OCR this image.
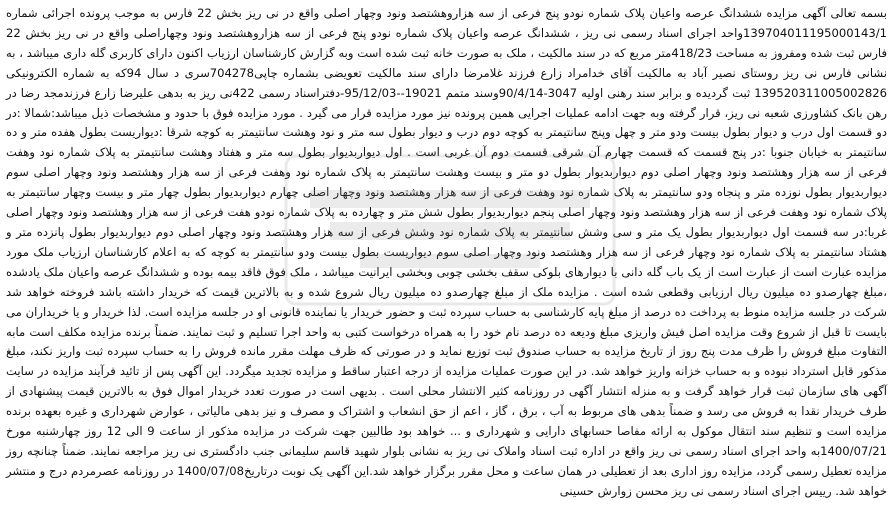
بسمه تعالی آگهی مزایده ششدانگ عرصه واعیان پلاک شماره نودو پنج فرعی از سه هزاروهشتصد ونود وچهار اصلی واقع در نی ریز بخش 22 فارس به موجب پرونده اجرائی شماره 139704011195000143/1واحد اجرای اسناد رسمی نی ریز ، ششدانگ عرصه واعیان پلاک شماره نودو پنج فرعی از سه هزاروهشتصد ونود وچهاراصلی واقع در نی ریز بخش 22 فارس ثبت شده ومفروز به مساحت 418/23متر مربع که در سند مالکیت ، ملک به صورت خانه ثبت شده است وبه گزارش کارشناسان ارزیاب اکنون دارای کاربری گله داری میباشد ، به نشانی فارس نی ریز روستای نصیر آباد به مالکیت آقای خدامراد زارع فرزند غلامرضا دارای سند مالکیت تعویضی بشماره چاپی704278سری د سال 94که به شماره الکترونیکی 139520311005002826 ثبت گردیده و برابر سند رهنی اولیه 3047-90/4/14وسند متمم 19021--95/12/03-دفتراسناد رسمی 422نی ریز به بدهی علیرضا زارع فرزندمجد رضا در رهن بانک کشاورزی شعبه نی ریز، قرار گرفته وبه جهت ادامه عملیات اجرایی همین پرونده نیز مورد مزایده قرار می گیرد . مورد مزایده فوق با حدود و مشخصات ذیل میباشد:شمالا :در دو قسمت اول درب و دیوار بطول بیست ودو متر و چهل وپنج سانتیمتر به کوچه دوم درب و دیوار بطول سه متر و نود وهشت سانتیمتر به کوچه شرقا :دیواریست بطول هفده متر و ده سانتیمتر به خیابان جنوبا :در پنج قسمت که قسمت چهارم آن شرقی قسمت دوم آن غربی است . اول دیواربدیوار بطول سه متر و هفتاد وهشت سانتیمتر به پلاک شماره نود وهفت فرعی از سه هزار وهشتصد ونود وچهار اصلی دوم دیواربدیوار بطول دو متر و بیست وهشت سانتیمتر به پلاک شماره نود وهفت فرعی از سه هزار وهشتصد ونود وچهار اصلی سوم دیواربدیوار بطول نوزده متر و پنجاه ودو سانتیمتر به پلاک شماره نود وهفت فرعی از سه هزار وهشتصد ونود وچهار اصلی چهارم دیواربدیوار بطول چهار متر و بیست وچهار سانتیمتر به پلاک شماره نود وهفت فرعی از سه هزار وهشتصد ونود وچهار اصلی پنجم دیواربدیوار بطول شش متر و چهارده به پلاک شماره نودو هفت فرعی از سه هزار وهشتصد ونود وچهار اصلی غربا:در سه قسمت اول دیواربدیوار بطول یک متر و سی وشش سانتیمتر به پلاک شماره نود وشش فرعی از سه هزار وهشتصد ونود وچهار اصلی دوم دیواربدیوار بطول پانزده متر و هشتاد سانتیمتر به پلاک شماره نود وچهار فرعی از سه هزار وهشتصد ونود وچهار اصلی سوم دیواریست بطول بیست ودو سانتیمتر به کوچه که به اعلام کارشناسان ارزیاب ملک مورد مزایده عبارت است از عبارت است از یک باب گله دانی با دیوارهای بلوکی سقف بخشی چوبی وبخشی ایرانیت میباشد ، ملک فوق فاقد بیمه بوده و ششدانگ عرصه واعیان ملک یادشده ،مبلغ چهارصدو ده میلیون ریال ارزیابی وقطعی شده است . مزایده ملک از مبلغ چهارصدو ده میلیون ریال شروع شده و به بالاترین قیمت که خریدار داشته باشد فروخته خواهد شد شرکت در جلسه مزایده منوط به پرداخت ده درصد از مبلغ پایه کارشناسی به حساب سپرده ثبت و حضور خریدار یا نماینده قانونی او در جلسه مزایده است. لذا خریدار و یا خریداران می بایست تا قبل از شروع وقت مزایده اصل فیش واریزی مبلغ ودیعه ده درصد نام خود را به همراه درخواست کتبی به واحد اجرا تسلیم و ثبت نمایند. ضمناً برنده مزایده مکلف است مابه التفاوت مبلغ فروش را ظرف مدت پنج روز از تاریخ مزایده به حساب صندوق ثبت توزیع نماید و در صورتی که ظرف مهلت مقرر مانده فروش را به حساب سپرده ثبت واریز نکند، مبلغ مذکور قابل استرداد نبوده و به حساب خزانه واریز خواهد شد. در این صورت عملیات مزایده از درجه اعتبار ساقط و مزایده تجدید میگردد. این آگهی پس از تائید فرآیند مزایده در سایت آگهی های سازمان ثبت قرار خواهد گرفت و به منزله انتشار آگهی در روزنامه کثیر الانتشار محلی است . بدیهی است در صورت تعدد خریدار اموال فوق به بالاترین قیمت پیشنهادی از طرف خریدار نقدا به فروش می رسد و ضمناً بدهی های مربوط به آب ، برق ، گاز ، اعم از حق انشعاب و اشتراک و مصرف و نیز بدهی مالیاتی ، عوارض شهرداری و غیره بعهده برنده مزایده است و تنظیم سند انتقال موکول به ارائه مفاصا حسابهای دارایی و شهرداری و ... خواهد بود طالبین جهت شرکت در مزایده مذکور از ساعت 9 الی 12 روز چهارشنبه مورخ 1400/07/21به واحد اجرای اسناد رسمی نی ریز واقع در اداره ثبت اسناد واملاک نی ریز به نشانی بلوار شهید قاسم سلیمانی جنب دادگستری نی ریز مراجعه نمایند. ضمناً چنانچه روز مزایده تعطیل رسمی گردد، مزایده روز اداری بعد از تعطیلی در همان ساعت و محل مقرر برگزار خواهد شد.این آگهی یک نوبت درتاریخ1400/07/08 در روزنامه عصرمردم درج و منتشر خواهد شد. رییس اجرای اسناد رسمی نی ریز محسن زوارش حسینی
